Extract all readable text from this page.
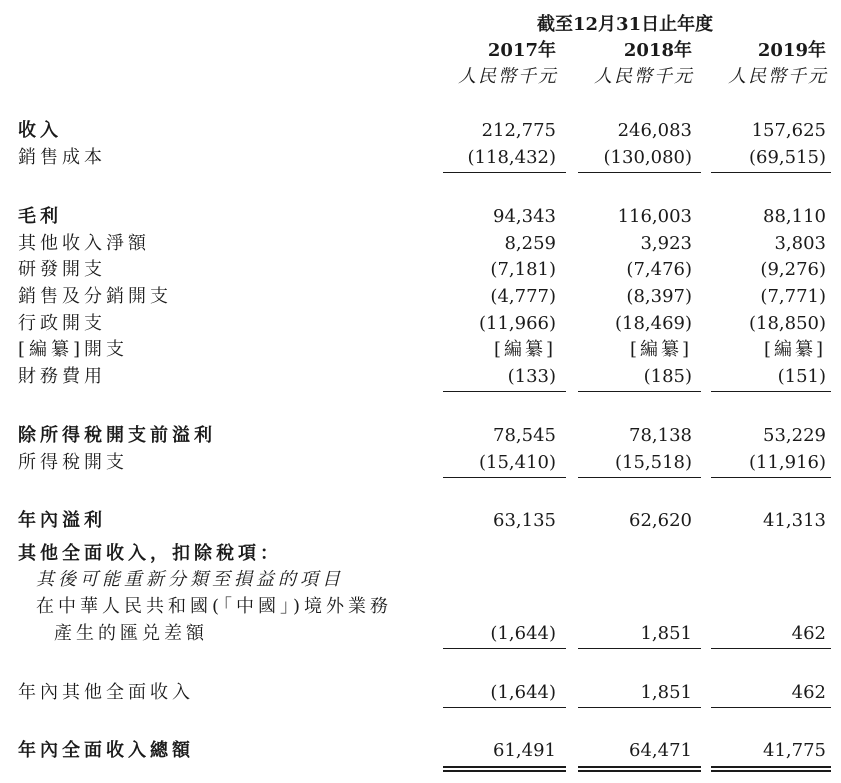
截至12月31日止年度
2017年	2018年	2019年
人民幣千元 人民幣千元 人民幣千元
收入	212,775	246,083	157,625
銷售成本	(118,432)	(130,080)	(69,515)
毛利	94,343	116,003	88,110
其他收入淨額	8,259	3,923	3,803
研發開支	(7,181)	(7,476)	(9,276)
銷售及分銷開支	(4,777)	(8,397)	(7,771)
行政開支	(11,966)	(18,469)	(18,850)
[編纂]開支	[編纂]	[編纂]	[編纂]
財務費用	(133)	(185)	(151)
除所得稅開支前溢利	78,545	78,138	53,229
所得稅開支	(15,410)	(15,518)	(11,916)
年內溢利	63,135	62,620	41,313
其他全面收入，扣除稅項：
其後可能重新分類至損益的項目
在中華人民共和國(「中國」)境外業務
產生的匯兑差額	(1,644)	1,851	462
年內其他全面收入	(1,644)	1,851	462
年內全面收入總額	61,491	64,471	41,775
